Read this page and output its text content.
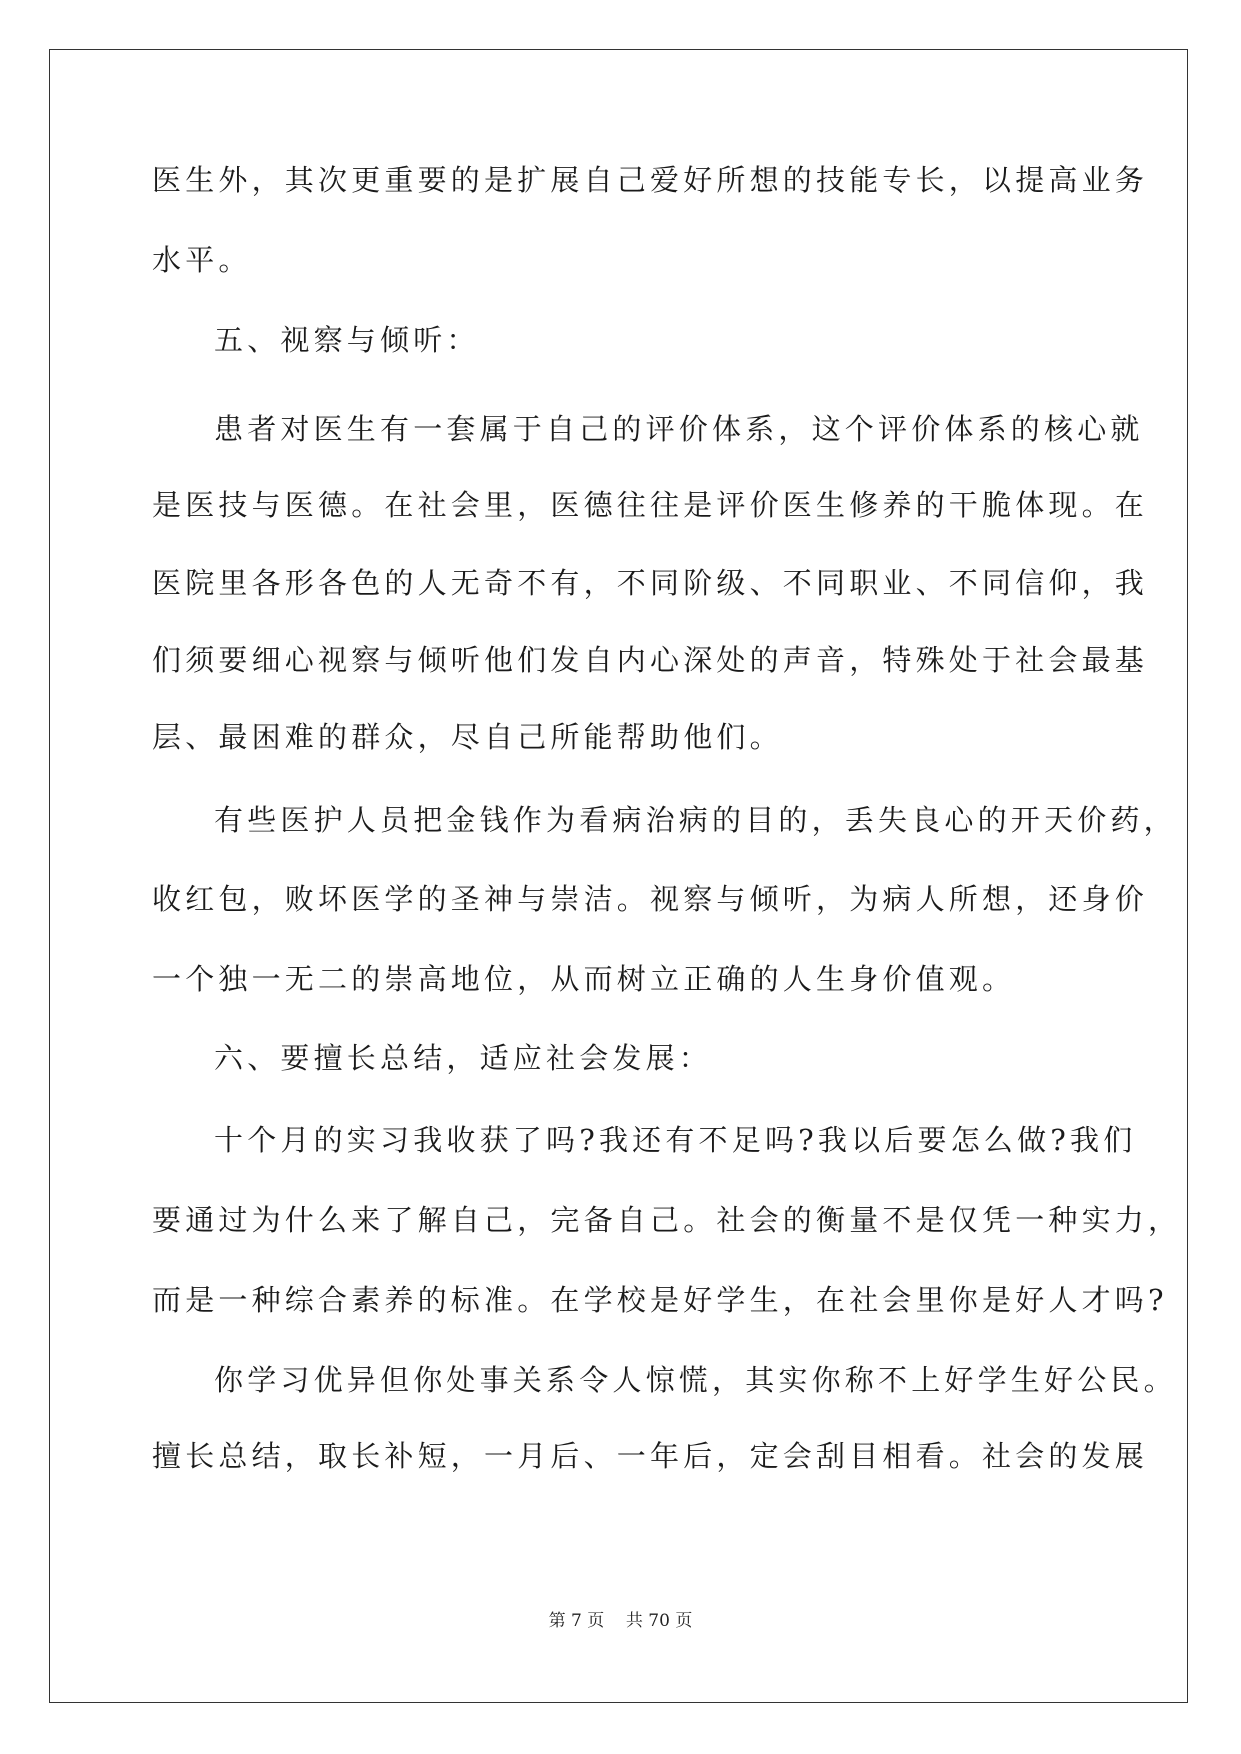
医生外，其次更重要的是扩展自己爱好所想的技能专长，以提高业务
水平。
五、视察与倾听：
患者对医生有一套属于自己的评价体系，这个评价体系的核心就
是医技与医德。在社会里，医德往往是评价医生修养的干脆体现。在
医院里各形各色的人无奇不有，不同阶级、不同职业、不同信仰，我
们须要细心视察与倾听他们发自内心深处的声音，特殊处于社会最基
层、最困难的群众，尽自己所能帮助他们。
有些医护人员把金钱作为看病治病的目的，丢失良心的开天价药，
收红包，败坏医学的圣神与崇洁。视察与倾听，为病人所想，还身价
一个独一无二的崇高地位，从而树立正确的人生身价值观。
六、要擅长总结，适应社会发展：
十个月的实习我收获了吗?我还有不足吗?我以后要怎么做?我们
要通过为什么来了解自己，完备自己。社会的衡量不是仅凭一种实力，
而是一种综合素养的标准。在学校是好学生，在社会里你是好人才吗?
你学习优异但你处事关系令人惊慌，其实你称不上好学生好公民。
擅长总结，取长补短，一月后、一年后，定会刮目相看。社会的发展
第 7 页 共 70 页
